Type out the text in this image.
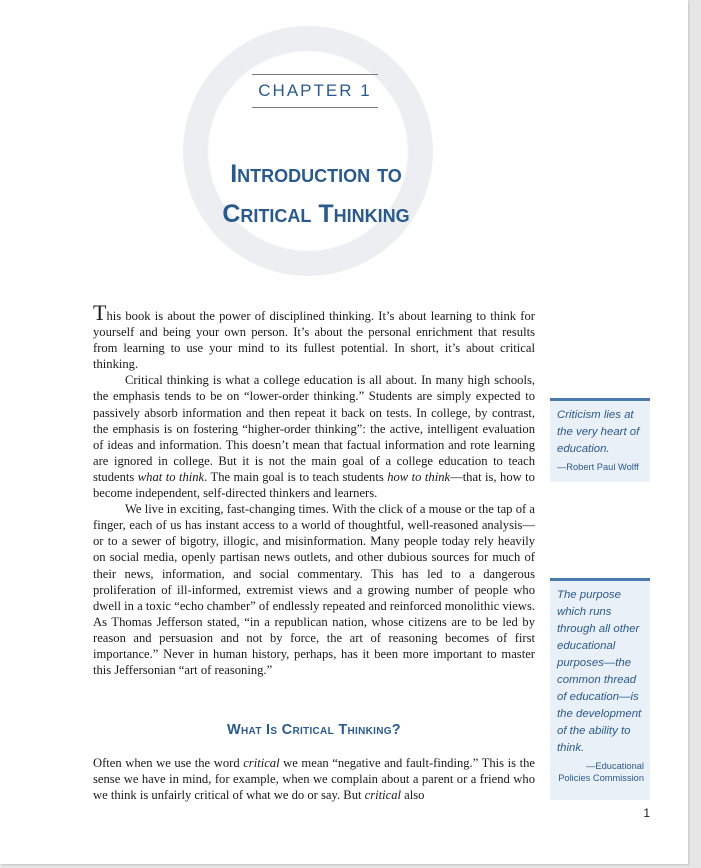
CHAPTER 1
Introduction to
Critical Thinking

This book is about the power of disciplined thinking. It’s about learning to think for yourself and being your own person. It’s about the personal enrichment that results from learning to use your mind to its fullest potential. In short, it’s about critical thinking.

Critical thinking is what a college education is all about. In many high schools, the emphasis tends to be on “lower-order thinking.” Students are simply expected to passively absorb information and then repeat it back on tests. In college, by contrast, the emphasis is on fostering “higher-order thinking”: the active, intelligent evaluation of ideas and information. This doesn’t mean that factual information and rote learning are ignored in college. But it is not the main goal of a college education to teach students what to think. The main goal is to teach students how to think—that is, how to become independent, self-directed thinkers and learners.

We live in exciting, fast-changing times. With the click of a mouse or the tap of a finger, each of us has instant access to a world of thoughtful, well-reasoned analysis—or to a sewer of bigotry, illogic, and misinformation. Many people today rely heavily on social media, openly partisan news outlets, and other dubious sources for much of their news, information, and social commentary. This has led to a dangerous proliferation of ill-informed, extremist views and a growing number of people who dwell in a toxic “echo chamber” of endlessly repeated and reinforced monolithic views. As Thomas Jefferson stated, “in a republican nation, whose citizens are to be led by reason and persuasion and not by force, the art of reasoning becomes of first importance.” Never in human history, perhaps, has it been more important to master this Jeffersonian “art of reasoning.”

What Is Critical Thinking?

Often when we use the word critical we mean “negative and fault-finding.” This is the sense we have in mind, for example, when we complain about a parent or a friend who we think is unfairly critical of what we do or say. But critical also

Criticism lies at the very heart of education.

—Robert Paul Wolff

The purpose which runs through all other educational purposes—the common thread of education—is the development of the ability to think.

—Educational Policies Commission

1
